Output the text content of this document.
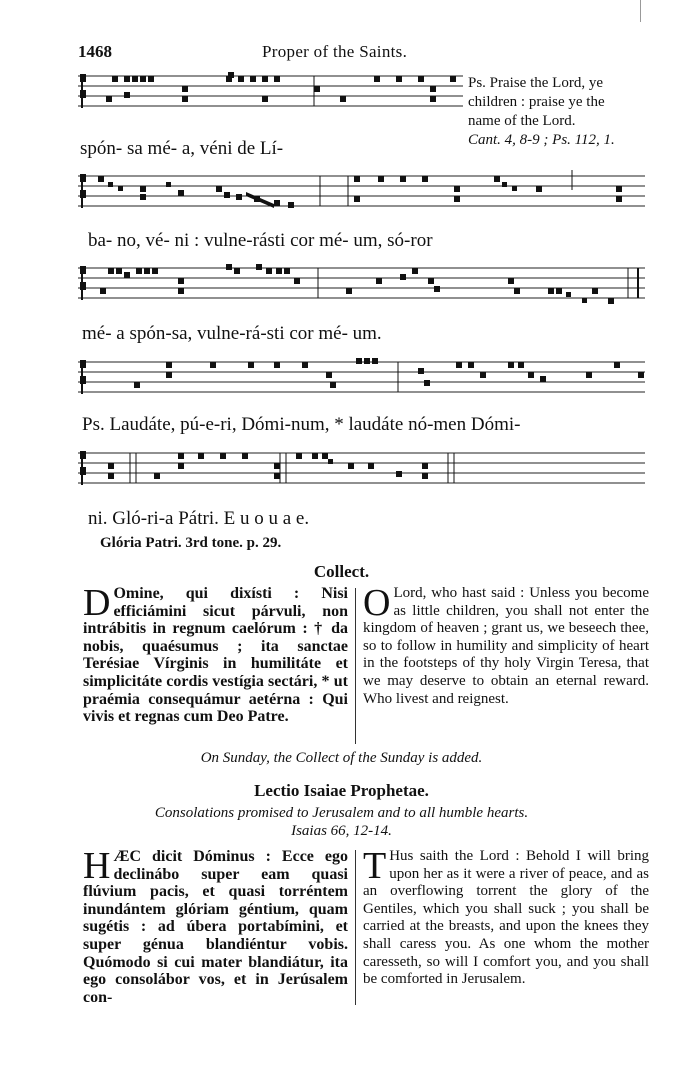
1468	Proper of the Saints.
Ps. Praise the Lord, ye
children : praise ye the
name of the Lord.
Cant. 4, 8-9 ; Ps. 112, 1.
spón- sa mé- a, véni de Lí-
ba- no, vé- ni : vulne-rásti cor mé- um, só-ror
mé- a spón-sa, vulne-rá-sti cor mé- um.
Ps. Laudáte, pú-e-ri, Dómi-num, * laudáte nó-men Dómi-
ni. Gló-ri-a Pátri. E u o u a e.
Glória Patri. 3rd tone. p. 29.
Collect.
D Omine, qui dixísti : Nisi efficiámini sicut párvuli, non intrábitis in regnum caelórum : † da nobis, quaésumus ; ita sanctae Terésiae Vírginis in humilitáte et simplicitáte cordis vestígia sectári, * ut praémia consequámur aetérna : Qui vivis et regnas cum Deo Patre.
O Lord, who hast said : Unless you become as little children, you shall not enter the kingdom of heaven ; grant us, we beseech thee, so to follow in humility and simplicity of heart in the footsteps of thy holy Virgin Teresa, that we may deserve to obtain an eternal reward. Who livest and reignest.
On Sunday, the Collect of the Sunday is added.
Lectio Isaiae Prophetae.
Consolations promised to Jerusalem and to all humble hearts.
Isaias 66, 12-14.
HÆC dicit Dóminus : Ecce ego declinábo super eam quasi flúvium pacis, et quasi torréntem inundántem glóriam géntium, quam sugétis : ad úbera portabímini, et super génua blandiéntur vobis. Quómodo si cui mater blandiátur, ita ego consolábor vos, et in Jerúsalem con-
T Hus saith the Lord : Behold I will bring upon her as it were a river of peace, and as an overflowing torrent the glory of the Gentiles, which you shall suck ; you shall be carried at the breasts, and upon the knees they shall caress you. As one whom the mother caresseth, so will I comfort you, and you shall be comforted in Jerusalem.
